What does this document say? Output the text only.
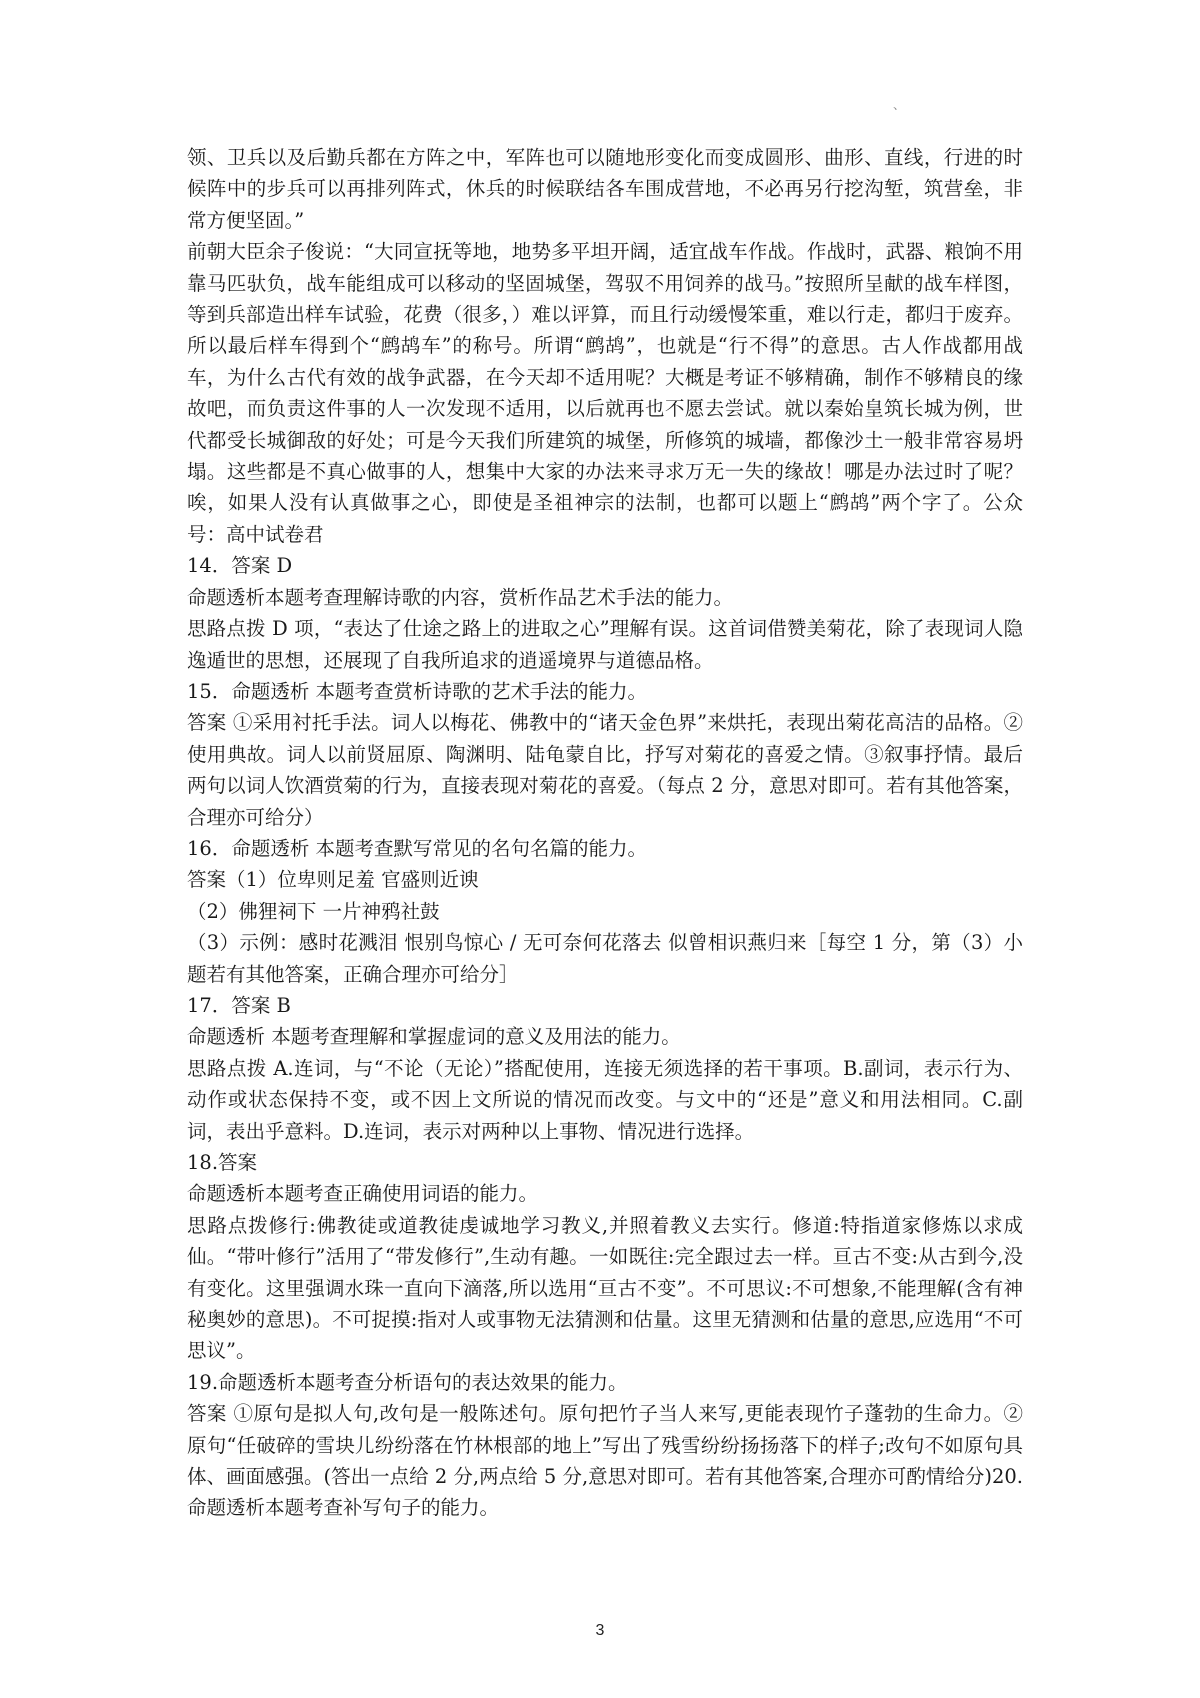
、

领、卫兵以及后勤兵都在方阵之中，军阵也可以随地形变化而变成圆形、曲形、直线，行进的时候阵中的步兵可以再排列阵式，休兵的时候联结各车围成营地，不必再另行挖沟堑，筑营垒，非常方便坚固。”

前朝大臣余子俊说：“大同宣抚等地，地势多平坦开阔，适宜战车作战。作战时，武器、粮饷不用靠马匹驮负，战车能组成可以移动的坚固城堡，驾驭不用饲养的战马。”按照所呈献的战车样图，等到兵部造出样车试验，花费（很多，）难以评算，而且行动缓慢笨重，难以行走，都归于废弃。所以最后样车得到个“鹧鸪车”的称号。所谓“鹧鸪”，也就是“行不得”的意思。古人作战都用战车，为什么古代有效的战争武器，在今天却不适用呢？大概是考证不够精确，制作不够精良的缘故吧，而负责这件事的人一次发现不适用，以后就再也不愿去尝试。就以秦始皇筑长城为例，世代都受长城御敌的好处；可是今天我们所建筑的城堡，所修筑的城墙，都像沙土一般非常容易坍塌。这些都是不真心做事的人，想集中大家的办法来寻求万无一失的缘故！哪是办法过时了呢？唉，如果人没有认真做事之心，即使是圣祖神宗的法制，也都可以题上“鹧鸪”两个字了。公众号：高中试卷君

14．答案 D

命题透析本题考查理解诗歌的内容，赏析作品艺术手法的能力。

思路点拨 D 项，“表达了仕途之路上的进取之心”理解有误。这首词借赞美菊花，除了表现词人隐逸遁世的思想，还展现了自我所追求的逍遥境界与道德品格。

15．命题透析 本题考查赏析诗歌的艺术手法的能力。

答案 ①采用衬托手法。词人以梅花、佛教中的“诸天金色界”来烘托，表现出菊花高洁的品格。②使用典故。词人以前贤屈原、陶渊明、陆龟蒙自比，抒写对菊花的喜爱之情。③叙事抒情。最后两句以词人饮酒赏菊的行为，直接表现对菊花的喜爱。（每点 2 分，意思对即可。若有其他答案，合理亦可给分）

16．命题透析 本题考查默写常见的名句名篇的能力。

答案（1）位卑则足羞 官盛则近谀

（2）佛狸祠下 一片神鸦社鼓

（3）示例：感时花溅泪 恨别鸟惊心 / 无可奈何花落去 似曾相识燕归来［每空 1 分，第（3）小题若有其他答案，正确合理亦可给分］

17．答案 B

命题透析 本题考查理解和掌握虚词的意义及用法的能力。

思路点拨 A.连词，与“不论（无论）”搭配使用，连接无须选择的若干事项。B.副词，表示行为、动作或状态保持不变，或不因上文所说的情况而改变。与文中的“还是”意义和用法相同。C.副词，表出乎意料。D.连词，表示对两种以上事物、情况进行选择。

18.答案

命题透析本题考查正确使用词语的能力。

思路点拨修行:佛教徒或道教徒虔诚地学习教义,并照着教义去实行。修道:特指道家修炼以求成仙。“带叶修行”活用了“带发修行”,生动有趣。一如既往:完全跟过去一样。亘古不变:从古到今,没有变化。这里强调水珠一直向下滴落,所以选用“亘古不变”。不可思议:不可想象,不能理解(含有神秘奥妙的意思)。不可捉摸:指对人或事物无法猜测和估量。这里无猜测和估量的意思,应选用“不可思议”。

19.命题透析本题考查分析语句的表达效果的能力。

答案 ①原句是拟人句,改句是一般陈述句。原句把竹子当人来写,更能表现竹子蓬勃的生命力。②原句“任破碎的雪块儿纷纷落在竹林根部的地上”写出了残雪纷纷扬扬落下的样子;改句不如原句具体、画面感强。(答出一点给 2 分,两点给 5 分,意思对即可。若有其他答案,合理亦可酌情给分)20.命题透析本题考查补写句子的能力。

3
